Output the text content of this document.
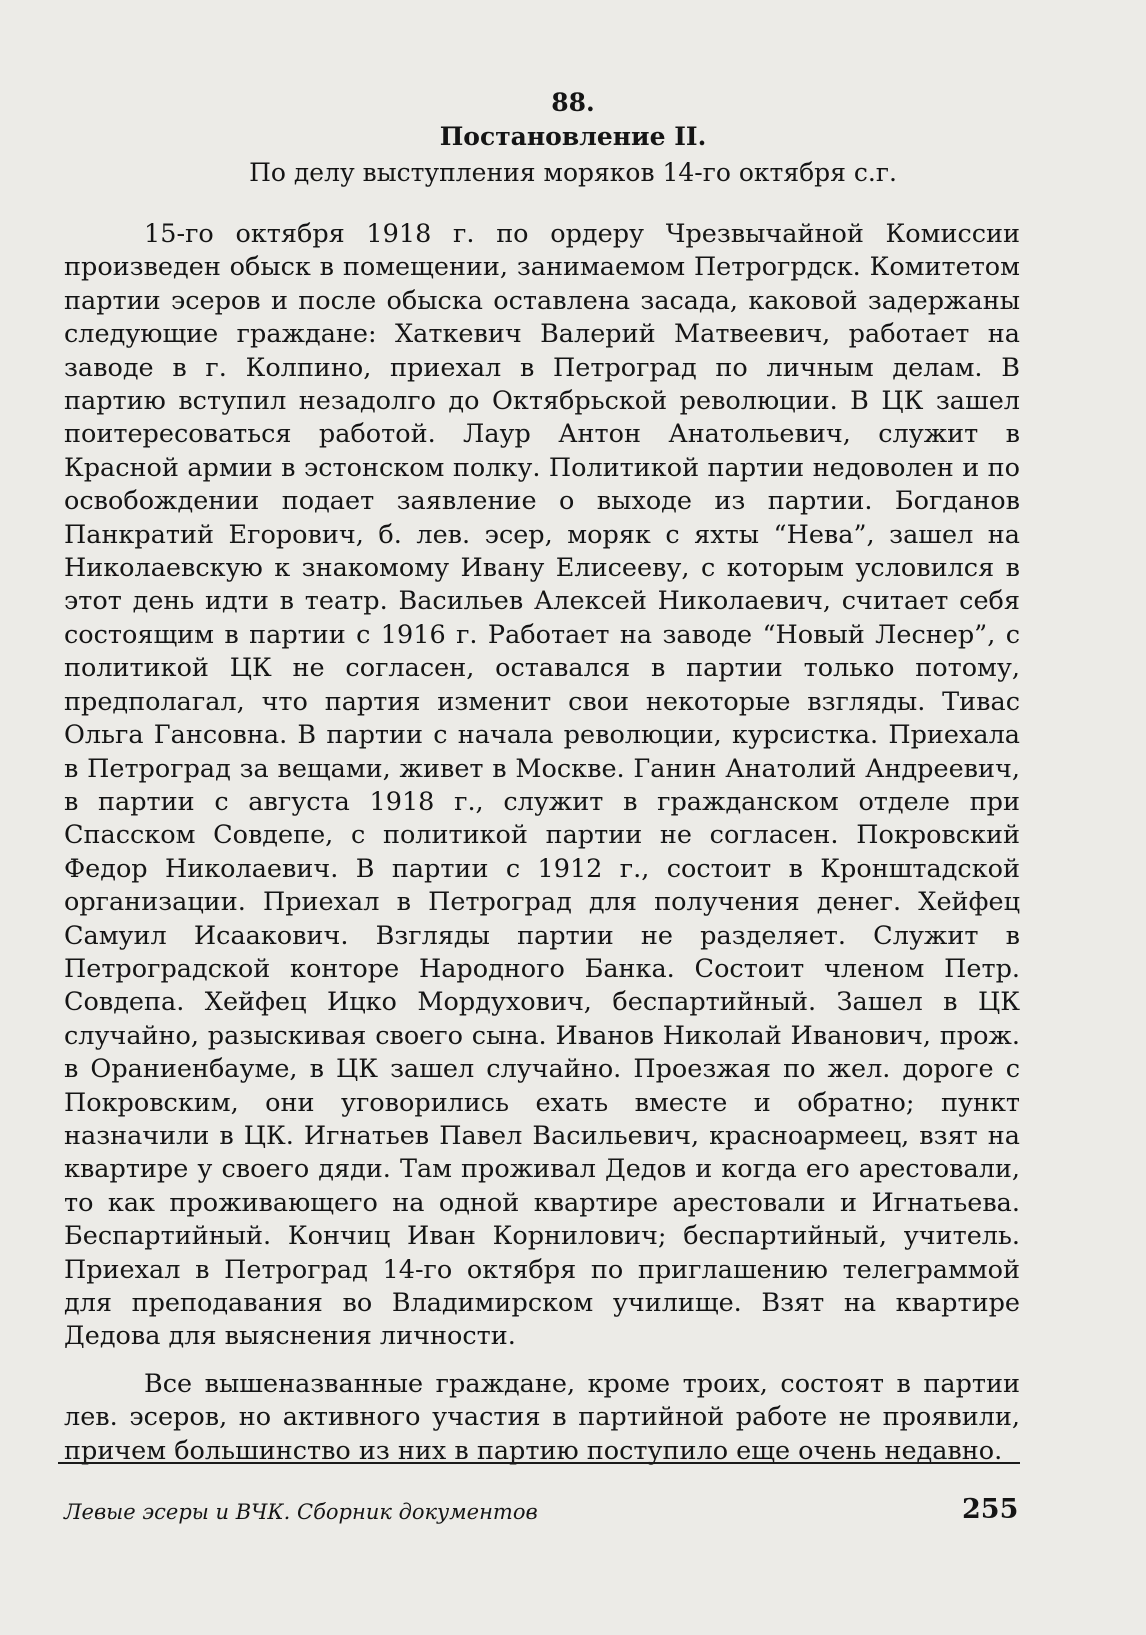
88.

Постановление II.

По делу выступления моряков 14-го октября с.г.

15-го октября 1918 г. по ордеру Чрезвычайной Комиссии произведен обыск в помещении, занимаемом Петрогрдск. Комитетом партии эсеров и после обыска оставлена засада, каковой задержаны следующие граждане: Хаткевич Валерий Матвеевич, работает на заводе в г. Колпино, приехал в Петроград по личным делам. В партию вступил незадолго до Октябрьской революции. В ЦК зашел поитересоваться работой. Лаур Антон Анатольевич, служит в Красной армии в эстонском полку. Политикой партии недоволен и по освобождении подает заявление о выходе из партии. Богданов Панкратий Егорович, б. лев. эсер, моряк с яхты “Нева”, зашел на Николаевскую к знакомому Ивану Елисееву, с которым условился в этот день идти в театр. Васильев Алексей Николаевич, считает себя состоящим в партии с 1916 г. Работает на заводе “Новый Леснер”, с политикой ЦК не согласен, оставался в партии только потому, предполагал, что партия изменит свои некоторые взгляды. Тивас Ольга Гансовна. В партии с начала революции, курсистка. Приехала в Петроград за вещами, живет в Москве. Ганин Анатолий Андреевич, в партии с августа 1918 г., служит в гражданском отделе при Спасском Совдепе, с политикой партии не согласен. Покровский Федор Николаевич. В партии с 1912 г., состоит в Кронштадской организации. Приехал в Петроград для получения денег. Хейфец Самуил Исаакович. Взгляды партии не разделяет. Служит в Петроградской конторе Народного Банка. Состоит членом Петр. Совдепа. Хейфец Ицко Мордухович, беспартийный. Зашел в ЦК случайно, разыскивая своего сына. Иванов Николай Иванович, прож. в Ораниенбауме, в ЦК зашел случайно. Проезжая по жел. дороге с Покровским, они уговорились ехать вместе и обратно; пункт назначили в ЦК. Игнатьев Павел Васильевич, красноармеец, взят на квартире у своего дяди. Там проживал Дедов и когда его арестовали, то как проживающего на одной квартире арестовали и Игнатьева. Беспартийный. Кончиц Иван Корнилович; беспартийный, учитель. Приехал в Петроград 14-го октября по приглашению телеграммой для преподавания во Владимирском училище. Взят на квартире Дедова для выяснения личности.

Все вышеназванные граждане, кроме троих, состоят в партии лев. эсеров, но активного участия в партийной работе не проявили, причем большинство из них в партию поступило еще очень недавно.

Левые эсеры и ВЧК. Сборник документов	255
